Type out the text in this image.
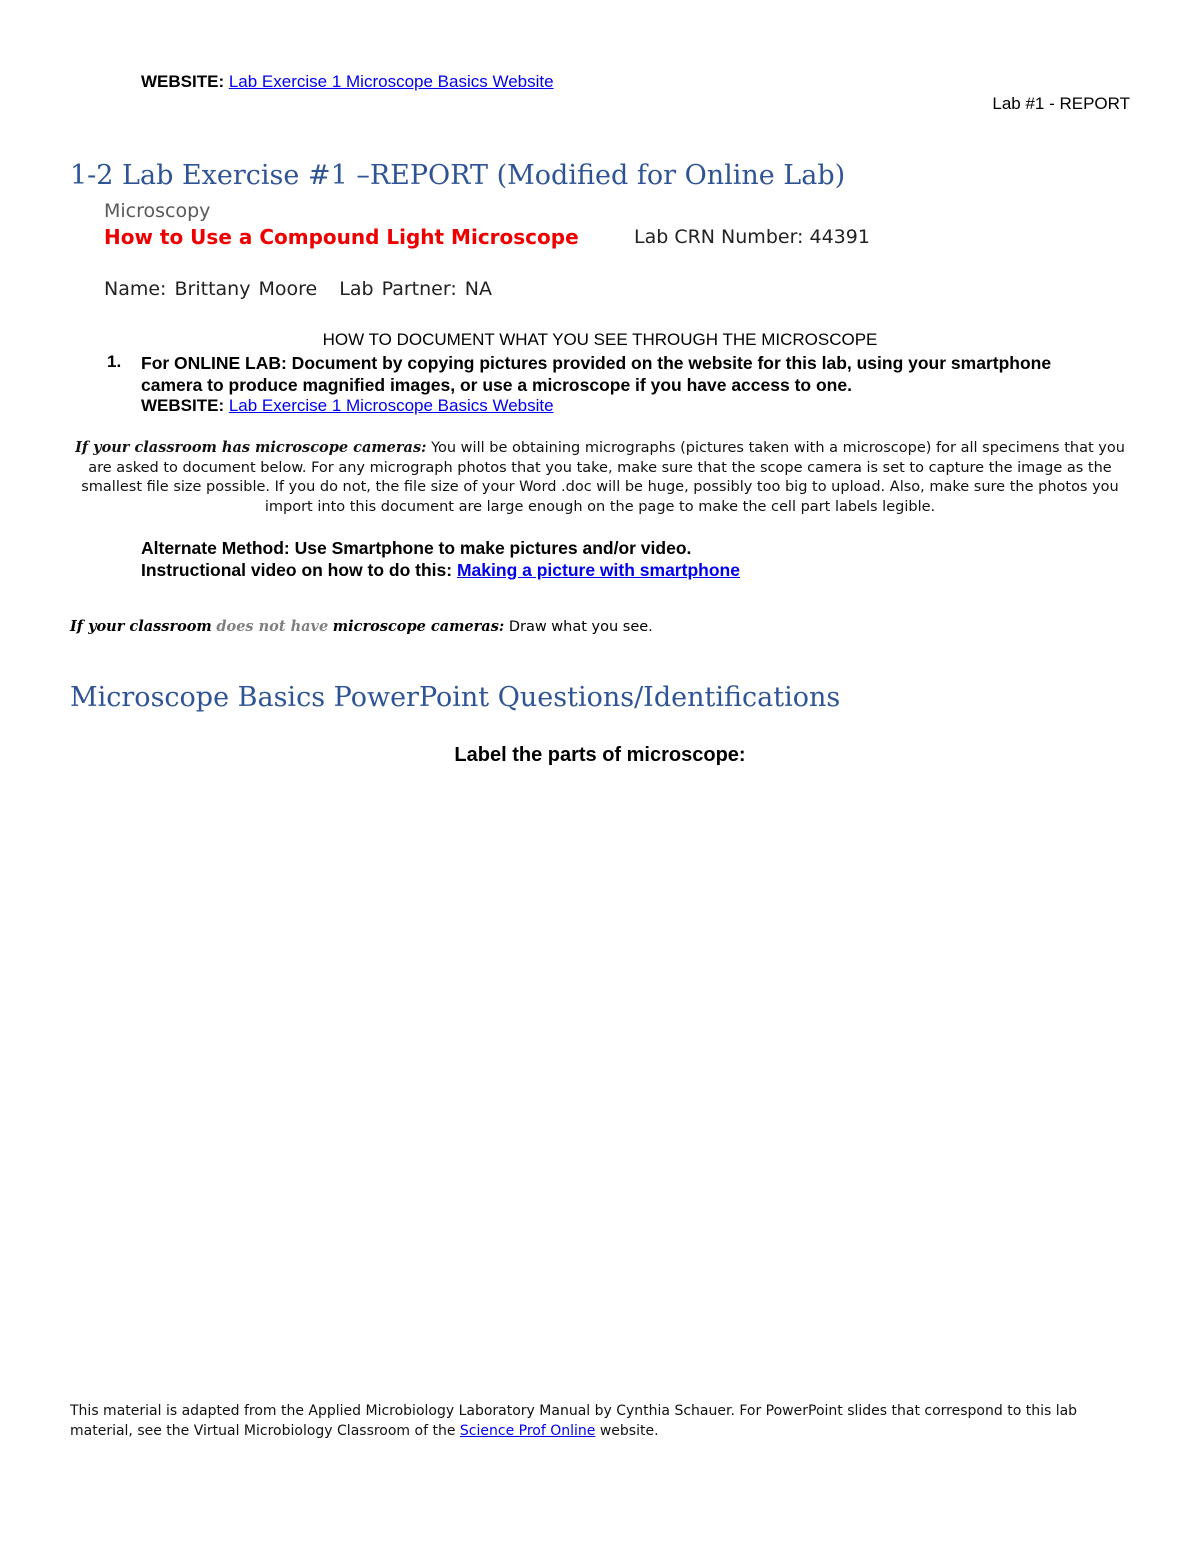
WEBSITE: Lab Exercise 1 Microscope Basics Website
Lab #1 - REPORT
1-2 Lab Exercise #1 –REPORT (Modified for Online Lab)
Microscopy
How to Use a Compound Light Microscope	Lab CRN Number: 44391
Name: Brittany Moore Lab Partner: NA
HOW TO DOCUMENT WHAT YOU SEE THROUGH THE MICROSCOPE
1. For ONLINE LAB: Document by copying pictures provided on the website for this lab, using your smartphone camera to produce magnified images, or use a microscope if you have access to one.
WEBSITE: Lab Exercise 1 Microscope Basics Website
If your classroom has microscope cameras: You will be obtaining micrographs (pictures taken with a microscope) for all specimens that you are asked to document below. For any micrograph photos that you take, make sure that the scope camera is set to capture the image as the smallest file size possible. If you do not, the file size of your Word .doc will be huge, possibly too big to upload. Also, make sure the photos you import into this document are large enough on the page to make the cell part labels legible.
Alternate Method: Use Smartphone to make pictures and/or video.
Instructional video on how to do this: Making a picture with smartphone
If your classroom does not have microscope cameras: Draw what you see.
Microscope Basics PowerPoint Questions/Identifications
Label the parts of microscope:
This material is adapted from the Applied Microbiology Laboratory Manual by Cynthia Schauer. For PowerPoint slides that correspond to this lab material, see the Virtual Microbiology Classroom of the Science Prof Online website.
